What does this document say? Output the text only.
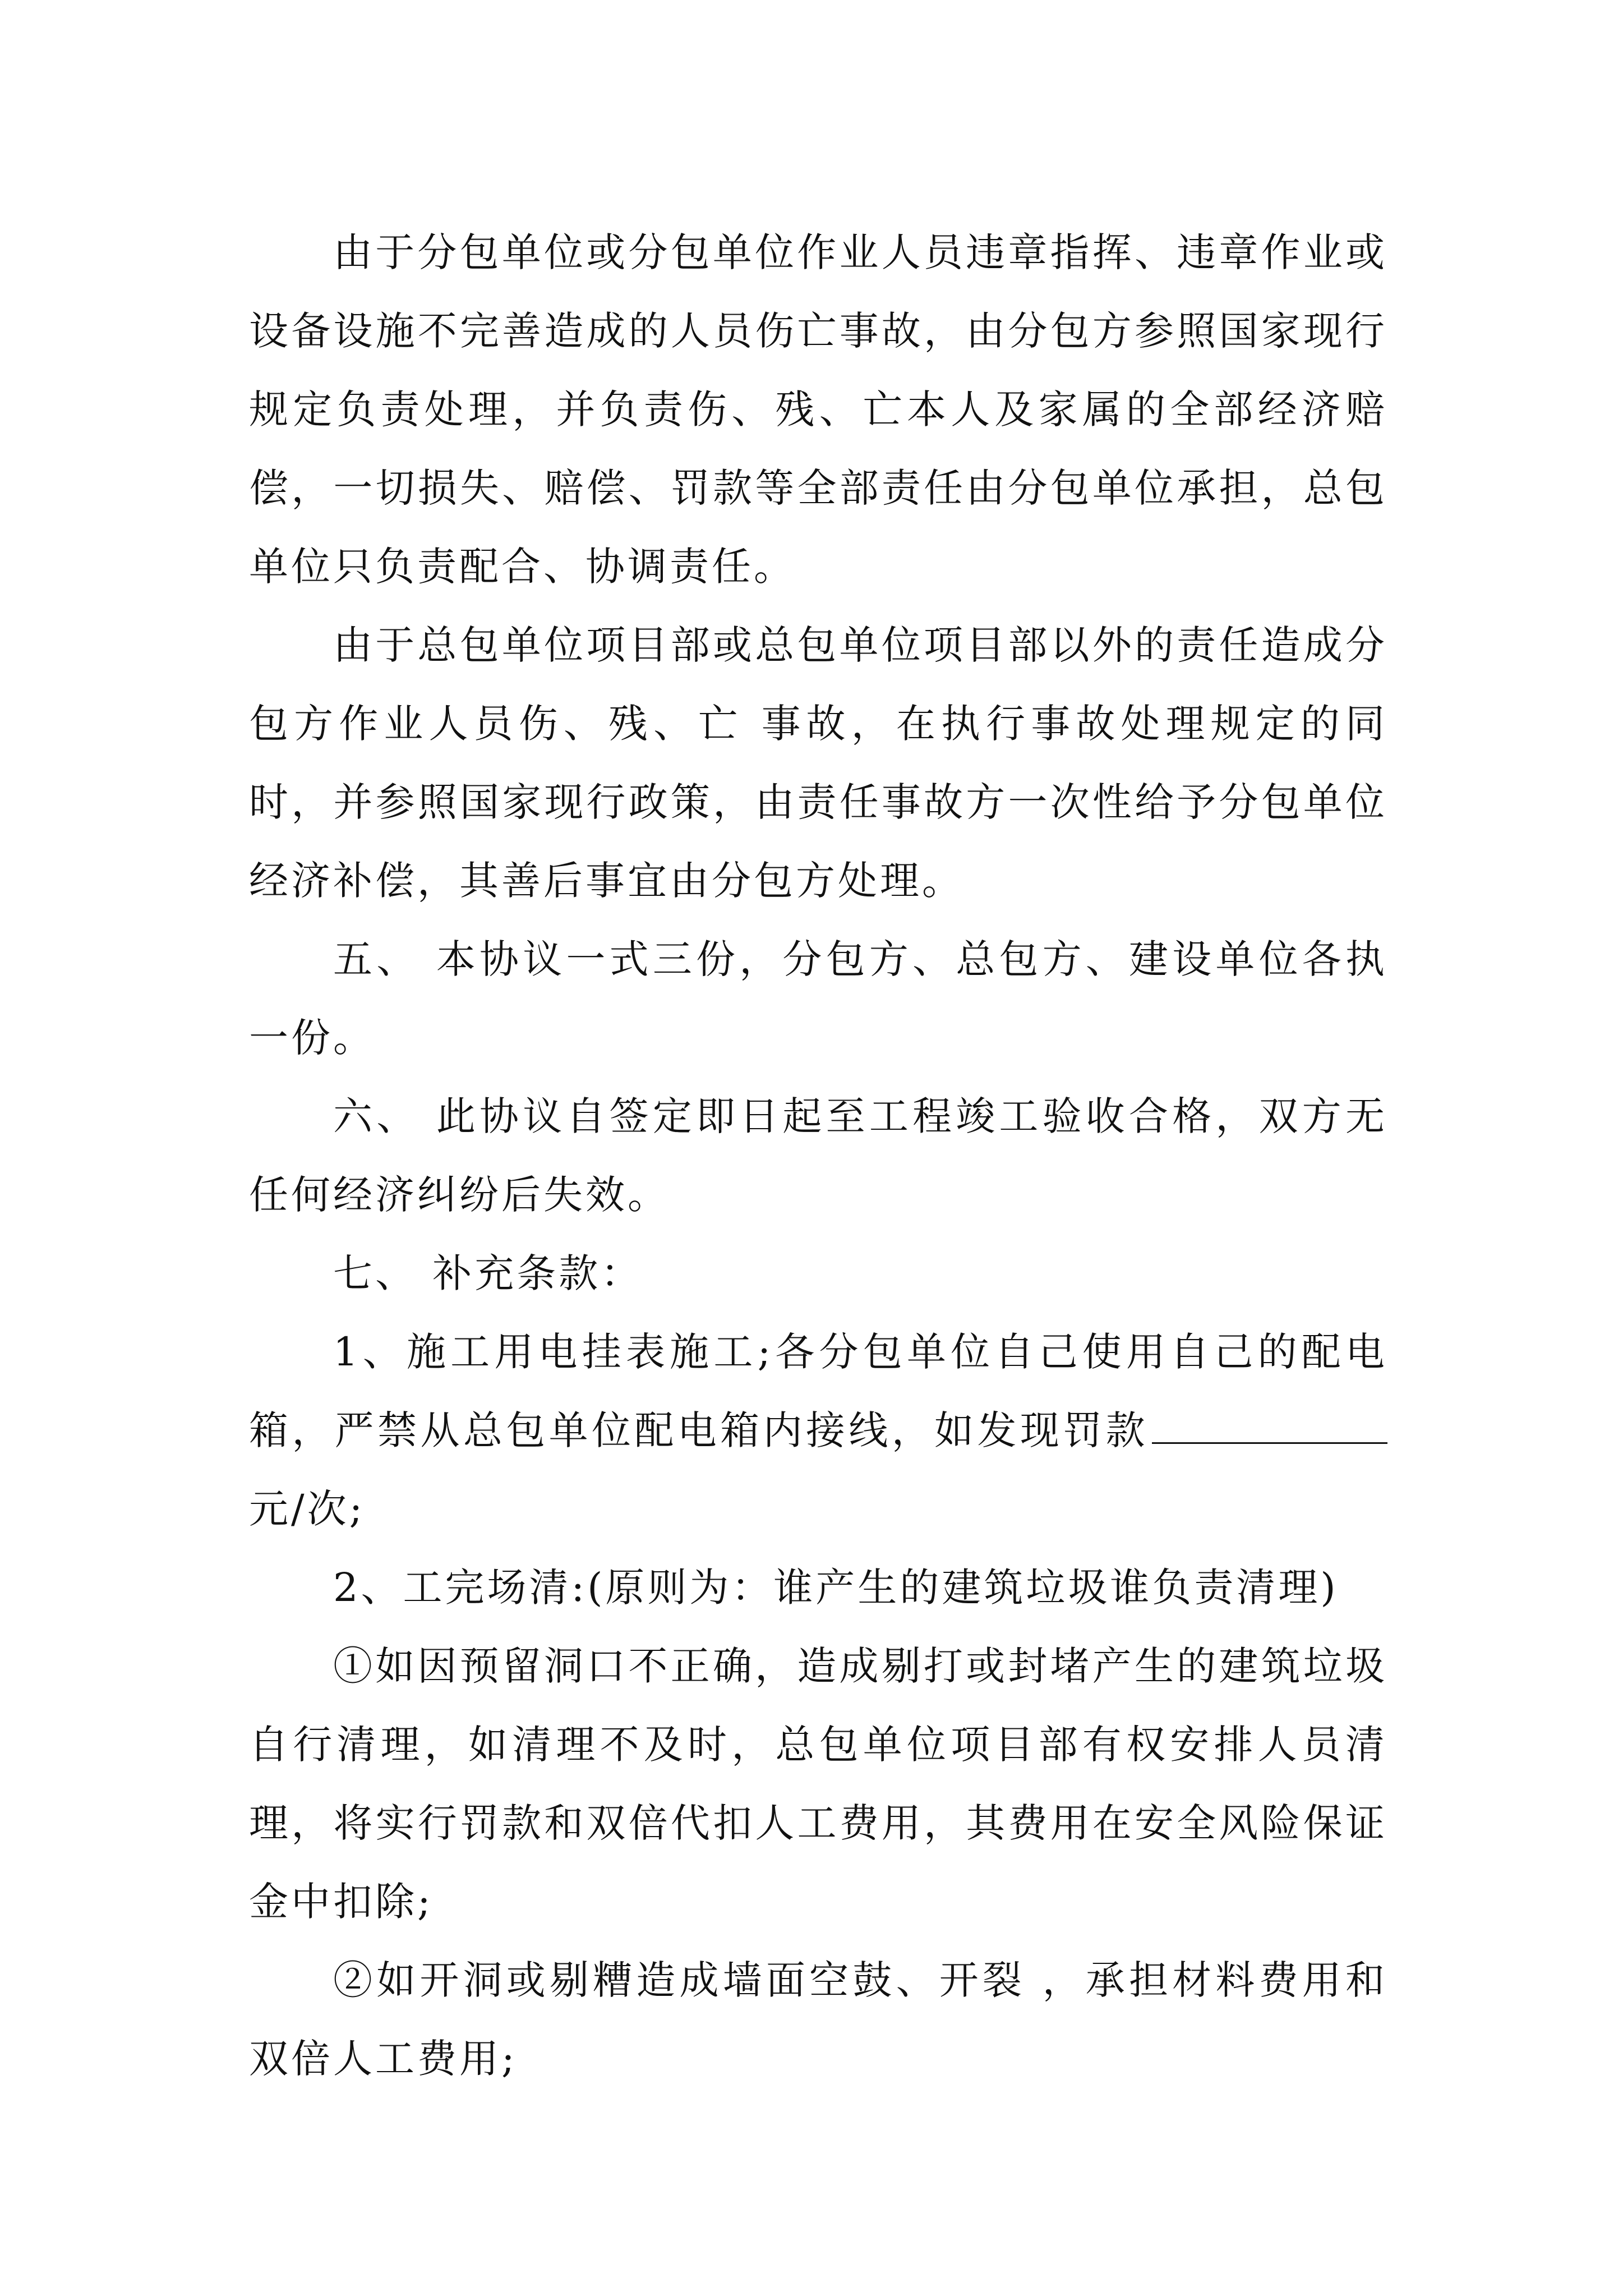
由于分包单位或分包单位作业人员违章指挥、违章作业或设备设施不完善造成的人员伤亡事故，由分包方参照国家现行规定负责处理，并负责伤、残、亡本人及家属的全部经济赔偿，一切损失、赔偿、罚款等全部责任由分包单位承担，总包单位只负责配合、协调责任。

由于总包单位项目部或总包单位项目部以外的责任造成分包方作业人员伤、残、亡 事故，在执行事故处理规定的同时，并参照国家现行政策，由责任事故方一次性给予分包单位经济补偿，其善后事宜由分包方处理。

五、 本协议一式三份，分包方、总包方、建设单位各执一份。

六、 此协议自签定即日起至工程竣工验收合格，双方无任何经济纠纷后失效。

七、 补充条款：

1、施工用电挂表施工;各分包单位自己使用自己的配电箱，严禁从总包单位配电箱内接线，如发现罚款元/次;

2、工完场清:(原则为：谁产生的建筑垃圾谁负责清理)

①如因预留洞口不正确，造成剔打或封堵产生的建筑垃圾自行清理，如清理不及时，总包单位项目部有权安排人员清理，将实行罚款和双倍代扣人工费用，其费用在安全风险保证金中扣除;

②如开洞或剔糟造成墙面空鼓、开裂 ，承担材料费用和双倍人工费用;
